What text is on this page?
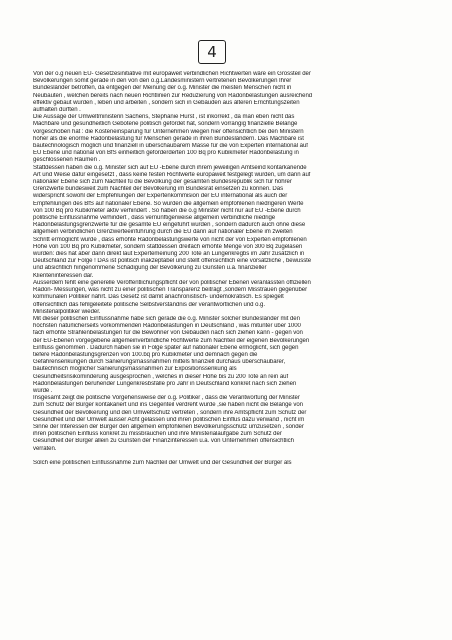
4
Von der o.g neuen EU- Gesetzesinitiative mit europaweit verbindlichen Richtwerten wäre ein Grossteil der
Bevölkerungen somit gerade in den von den o.g.Landesministern vertretenen Bevölkerungen Ihrer
Bundesländer betroffen, da entgegen der Meinung der o.g. Minister die meisten Menschen nicht in
Neubauten , welchen bereits nach neuen Richtlinien zur Reduzierung von Radonbelastungen ausreichend
effektiv gebaut wurden , leben und arbeiten , sondern sich in Gebäuden aus älteren Errichtungszeiten
aufhalten dürften .
Die Aussage der Umweltministerin Sachens, Stephanie Hurst , ist inkorrekt , da man eben nicht das
Machbare und gesundheitlich Gebotene politisch gefördet hat, sondern vorrangig finanzielle Belange
vorgeschoben hat : die Kosteneinsparung für Unternehmen wiegen hier offensichtlich bei den Ministern
höher als die enorme Radonbelastung für Menschen gerade in ihren Bundesländern. Das Machbare ist
bautechnologisch möglich und finanziell in überschaubarem Masse für die von Experten international auf
EU Ebene und national von BfS einheitlich geforderderten 100 Bq pro Kubikmeter Radonbelastung in
geschlossenen Räumen .
Stattdessen haben die o.g. Minister sich auf EU -Ebene durch ihrem jeweiligen Amtseind kontarkariende
Art und Weise dafür eingesetzt , dass keine festen Richtwerte europaweit festgelegt wurden, um dann auf
nationaler Ebene sich zum Nachteil fü die Bevölkung der gesamten Bundesrepublik sich für höhrer
Grenzwerte bundesweit zum Nachteil der Bevölkerung im Bundesrat einsetzen zu können. Das
widerspricht sowohl der Empfehlungen der Expertenkommision der EU international als auch der
Empfehlungen des BfS auf nationaler Ebene. So wurden die allgemein empfohlenen niedrigeren Werte
von 100 Bq pro Kubikmeter aktiv verhindert . So haben die o.g Minister nicht nur auf EU -Ebene durch
politische Einflussnahme verhindert , dass vernünftigerweise allgemein verbindliche niedrige
Radonbelastungsgrenzwerte für die gesamte EU eingeführt wurden , sondern dadurch auch ohne diese
allgemein verbindlichen Grenzwerteeinführung durch die EU dann auf nationaler Ebene im zweiten
Schritt ermöglicht wurde , dass erhöhte Radonbelastungswerte von nicht der von Experten empfohlenen
Höhe von 100 Bq pro Kubikmeter, sondern stattdessen dreifach erhöhte Menge von 300 Bq zugelasen
wurden: dies hat aber dann direkt laut Expertemeinung 200 Tote an Lungenkregbs im Jahr zusätzlich in
Deutschland zur Folge ! DAs ist politisch inakzeptabel und stellt offensichtlich eine vorsätzliche , bewusste
und absichtlich hingenommene Schädigung der Bevölkerung zu Gunsten u.a. finanzieller
Klienteninteressen dar.
Ausserdem fehlt eine generelle Veröffentlichungspflicht der von politischer Ebenen veranlassten offiziellen
Radon- Messungen, was nicht zu einer politischen Transparenz beiträgt ,sondern Misstrauen gegenüber
kommunalen Politiker nährt. Das Gesetz ist damit anachronistisch- undemokratisch. Es spiegelt
offensichtlich das fehlgeleitete politische Selbstverständnis der verantwortlichen und o.g.
Ministerialpolitiker wieder.
Mit dieser politischen Einflussnahme habe sich gerade die o.g. Minister solcher Bundesländer mit den
höchsten natürlicherseits vorkommenden Radonbelastungen in Deutschland , was mitunter über 1000
fach erhöhte Strahlenbelastungen für die Bewohner von Gebäuden nach sich ziehen kann - gegen von
der EU-Ebenen vorgegebene allgemeinverbindliche Richtwerte zum Nachteil der eigenen Bevölkerungen
Einfluss genommen . Dadurch haben sie in Folge später auf nationaler Ebene ermöglicht, sich gegen
tiefere Radonbelastungsgrenzen von 100.bq pro Kubikmeter und demnach gegen die
Gefahrensenkungen durch Sanierungsmassnahmen mittels finanziell durchaus überschaubarer,
bautechnisch möglicher Sanierungsmassnahmen zur Expositionssenkung als
Gesundheitsrisikominderung ausgesprochen , welches in dieser Höhe bis zu 200 Tote an rein auf
Radonbelastungen beruhender Lungenkresbsfälle pro Jahr in Deutschland konkret nach sich ziehen
würde .
Insgesamt zeigt die politische Vorgehensweise der o.g. Politiker , dass die Verantwortung der Minister
zum Schutz der Bürger kontakariert und ins Gegenteil verdreht wurde ,sie haben nicht die Belange von
Gesundheit der Bevölkerung und den Umweltschutz vertreten , sondern ihre Amtspflicht zum Schutz der
Gesundheit und der Umwelt ausser Acht gelassen und ihren politischen Einflus dazu verwand , nicht im
Sinne der Interessen der Bürger den allgemein empfohlenen Bevölkerungsschutz umzusetzen , sonder
ihren politischen Einfluss konkret zu missbrauchen und ihre Ministerialaufgabe zum Schutz der
Gesundheit der Bürger allein zu Gunsten der Finanzinteressen u.a. von Unternehmen offensichtlich
verraten.
Solch eine politischen Einflussnahme zum Nachteil der Umwelt und der Gesundheit der Bürger als
